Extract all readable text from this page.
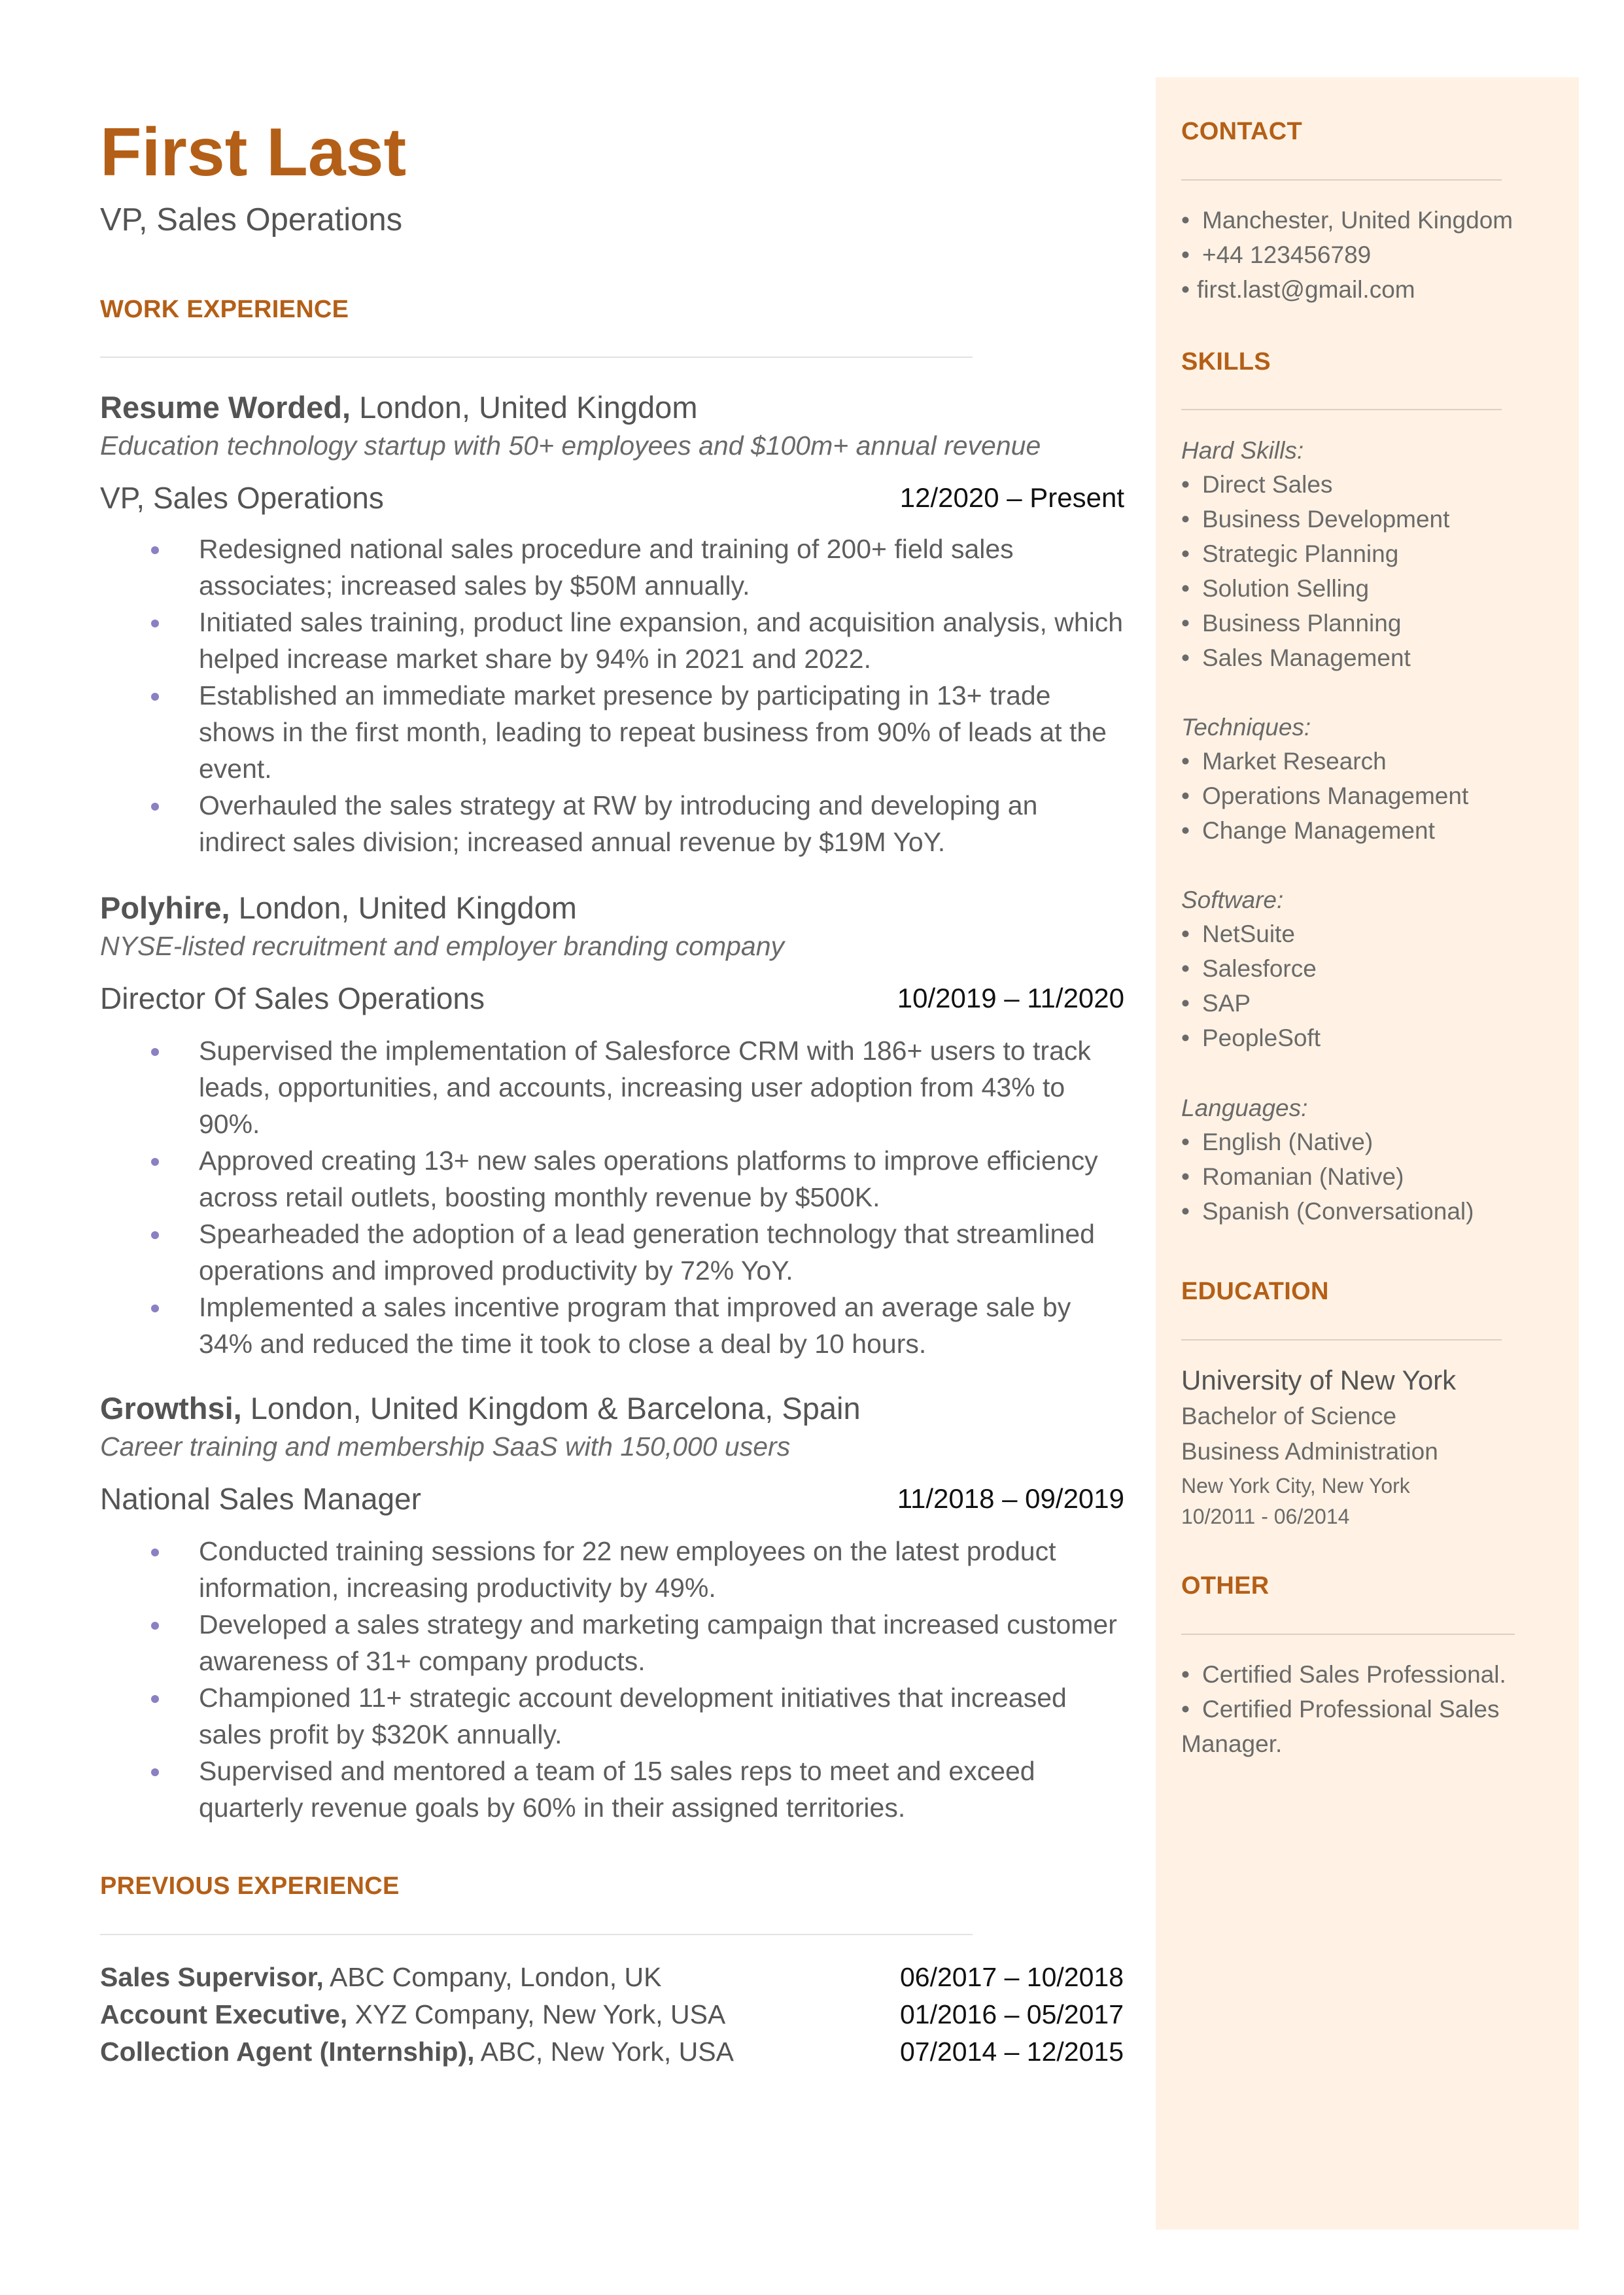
First Last
VP, Sales Operations
WORK EXPERIENCE
Resume Worded, London, United Kingdom
Education technology startup with 50+ employees and $100m+ annual revenue
VP, Sales Operations	12/2020 – Present
Redesigned national sales procedure and training of 200+ field sales associates; increased sales by $50M annually.
Initiated sales training, product line expansion, and acquisition analysis, which helped increase market share by 94% in 2021 and 2022.
Established an immediate market presence by participating in 13+ trade shows in the first month, leading to repeat business from 90% of leads at the event.
Overhauled the sales strategy at RW by introducing and developing an indirect sales division; increased annual revenue by $19M YoY.
Polyhire, London, United Kingdom
NYSE-listed recruitment and employer branding company
Director Of Sales Operations	10/2019 – 11/2020
Supervised the implementation of Salesforce CRM with 186+ users to track leads, opportunities, and accounts, increasing user adoption from 43% to 90%.
Approved creating 13+ new sales operations platforms to improve efficiency across retail outlets, boosting monthly revenue by $500K.
Spearheaded the adoption of a lead generation technology that streamlined operations and improved productivity by 72% YoY.
Implemented a sales incentive program that improved an average sale by 34% and reduced the time it took to close a deal by 10 hours.
Growthsi, London, United Kingdom & Barcelona, Spain
Career training and membership SaaS with 150,000 users
National Sales Manager	11/2018 – 09/2019
Conducted training sessions for 22 new employees on the latest product information, increasing productivity by 49%.
Developed a sales strategy and marketing campaign that increased customer awareness of 31+ company products.
Championed 11+ strategic account development initiatives that increased sales profit by $320K annually.
Supervised and mentored a team of 15 sales reps to meet and exceed quarterly revenue goals by 60% in their assigned territories.
PREVIOUS EXPERIENCE
Sales Supervisor, ABC Company, London, UK	06/2017 – 10/2018
Account Executive, XYZ Company, New York, USA	01/2016 – 05/2017
Collection Agent (Internship), ABC, New York, USA	07/2014 – 12/2015
CONTACT
• Manchester, United Kingdom
• +44 123456789
• first.last@gmail.com
SKILLS
Hard Skills:
• Direct Sales
• Business Development
• Strategic Planning
• Solution Selling
• Business Planning
• Sales Management
Techniques:
• Market Research
• Operations Management
• Change Management
Software:
• NetSuite
• Salesforce
• SAP
• PeopleSoft
Languages:
• English (Native)
• Romanian (Native)
• Spanish (Conversational)
EDUCATION
University of New York
Bachelor of Science
Business Administration
New York City, New York
10/2011 - 06/2014
OTHER
• Certified Sales Professional.
• Certified Professional Sales Manager.
